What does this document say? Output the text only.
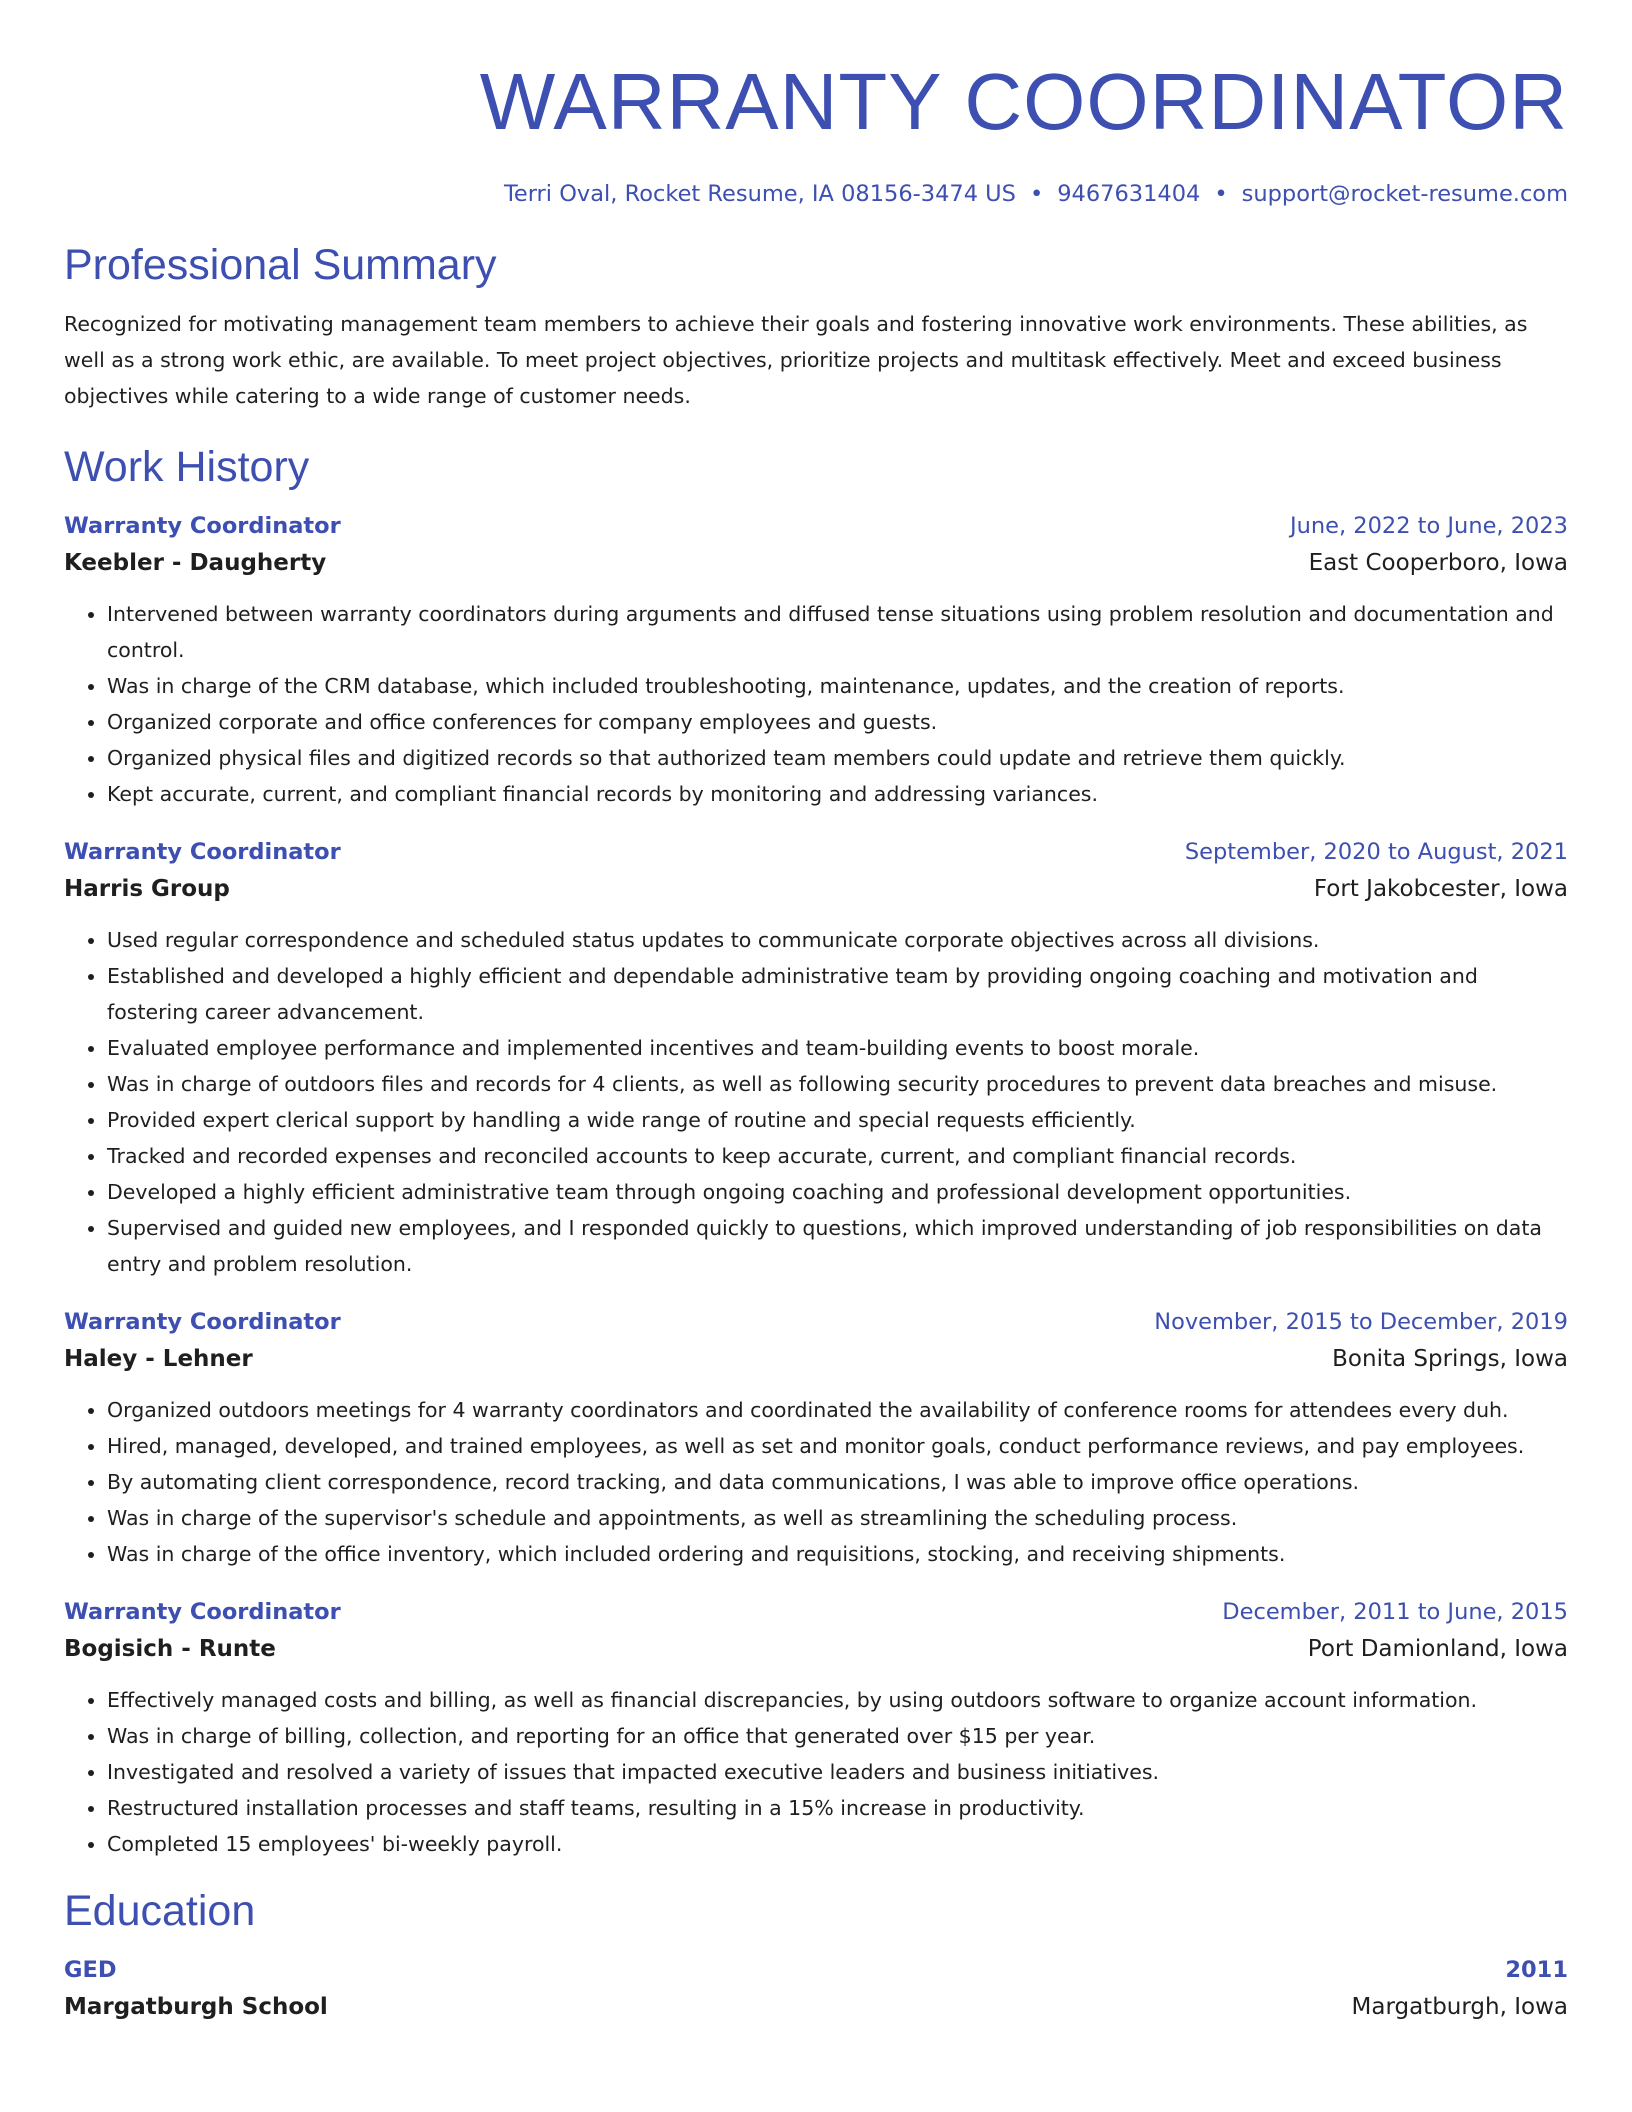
WARRANTY COORDINATOR
Terri Oval, Rocket Resume, IA 08156-3474 US • 9467631404 • support@rocket-resume.com
Professional Summary

Recognized for motivating management team members to achieve their goals and fostering innovative work environments. These abilities, as well as a strong work ethic, are available. To meet project objectives, prioritize projects and multitask effectively. Meet and exceed business objectives while catering to a wide range of customer needs.

Work History
Warranty Coordinator	June, 2022 to June, 2023
Keebler - Daugherty	East Cooperboro, Iowa
• Intervened between warranty coordinators during arguments and diffused tense situations using problem resolution and documentation and control.
• Was in charge of the CRM database, which included troubleshooting, maintenance, updates, and the creation of reports.
• Organized corporate and office conferences for company employees and guests.
• Organized physical files and digitized records so that authorized team members could update and retrieve them quickly.
• Kept accurate, current, and compliant financial records by monitoring and addressing variances.
Warranty Coordinator	September, 2020 to August, 2021
Harris Group	Fort Jakobcester, Iowa
• Used regular correspondence and scheduled status updates to communicate corporate objectives across all divisions.
• Established and developed a highly efficient and dependable administrative team by providing ongoing coaching and motivation and fostering career advancement.
• Evaluated employee performance and implemented incentives and team-building events to boost morale.
• Was in charge of outdoors files and records for 4 clients, as well as following security procedures to prevent data breaches and misuse.
• Provided expert clerical support by handling a wide range of routine and special requests efficiently.
• Tracked and recorded expenses and reconciled accounts to keep accurate, current, and compliant financial records.
• Developed a highly efficient administrative team through ongoing coaching and professional development opportunities.
• Supervised and guided new employees, and I responded quickly to questions, which improved understanding of job responsibilities on data entry and problem resolution.
Warranty Coordinator	November, 2015 to December, 2019
Haley - Lehner	Bonita Springs, Iowa
• Organized outdoors meetings for 4 warranty coordinators and coordinated the availability of conference rooms for attendees every duh.
• Hired, managed, developed, and trained employees, as well as set and monitor goals, conduct performance reviews, and pay employees.
• By automating client correspondence, record tracking, and data communications, I was able to improve office operations.
• Was in charge of the supervisor's schedule and appointments, as well as streamlining the scheduling process.
• Was in charge of the office inventory, which included ordering and requisitions, stocking, and receiving shipments.
Warranty Coordinator	December, 2011 to June, 2015
Bogisich - Runte	Port Damionland, Iowa
• Effectively managed costs and billing, as well as financial discrepancies, by using outdoors software to organize account information.
• Was in charge of billing, collection, and reporting for an office that generated over $15 per year.
• Investigated and resolved a variety of issues that impacted executive leaders and business initiatives.
• Restructured installation processes and staff teams, resulting in a 15% increase in productivity.
• Completed 15 employees' bi-weekly payroll.
Education
GED	2011
Margatburgh School	Margatburgh, Iowa
